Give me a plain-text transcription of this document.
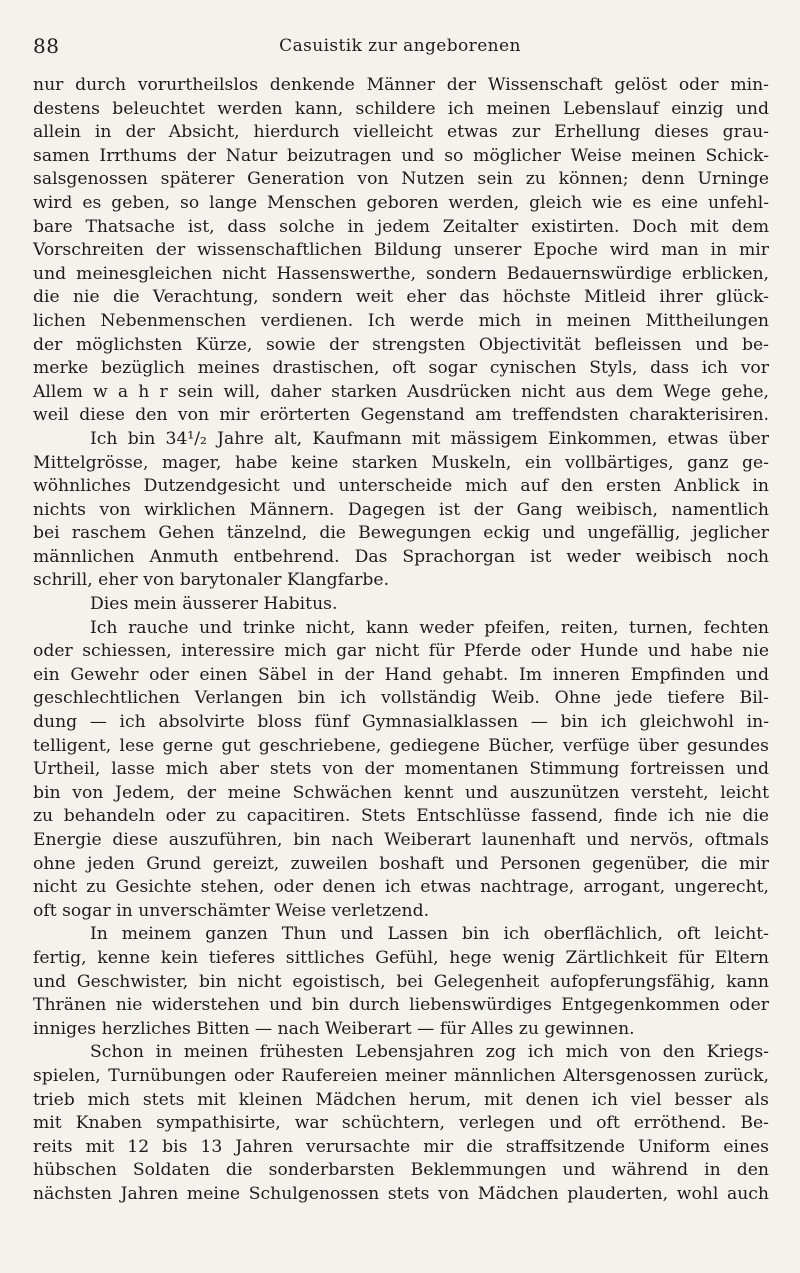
88	Casuistik zur angeborenen
nur durch vorurtheilslos denkende Männer der Wissenschaft gelöst oder min-
destens beleuchtet werden kann, schildere ich meinen Lebenslauf einzig und
allein in der Absicht, hierdurch vielleicht etwas zur Erhellung dieses grau-
samen Irrthums der Natur beizutragen und so möglicher Weise meinen Schick-
salsgenossen späterer Generation von Nutzen sein zu können; denn Urninge
wird es geben, so lange Menschen geboren werden, gleich wie es eine unfehl-
bare Thatsache ist, dass solche in jedem Zeitalter existirten. Doch mit dem
Vorschreiten der wissenschaftlichen Bildung unserer Epoche wird man in mir
und meinesgleichen nicht Hassenswerthe, sondern Bedauernswürdige erblicken,
die nie die Verachtung, sondern weit eher das höchste Mitleid ihrer glück-
lichen Nebenmenschen verdienen. Ich werde mich in meinen Mittheilungen
der möglichsten Kürze, sowie der strengsten Objectivität befleissen und be-
merke bezüglich meines drastischen, oft sogar cynischen Styls, dass ich vor
Allem w a h r sein will, daher starken Ausdrücken nicht aus dem Wege gehe,
weil diese den von mir erörterten Gegenstand am treffendsten charakterisiren.
Ich bin 34¹/₂ Jahre alt, Kaufmann mit mässigem Einkommen, etwas über
Mittelgrösse, mager, habe keine starken Muskeln, ein vollbärtiges, ganz ge-
wöhnliches Dutzendgesicht und unterscheide mich auf den ersten Anblick in
nichts von wirklichen Männern. Dagegen ist der Gang weibisch, namentlich
bei raschem Gehen tänzelnd, die Bewegungen eckig und ungefällig, jeglicher
männlichen Anmuth entbehrend. Das Sprachorgan ist weder weibisch noch
schrill, eher von barytonaler Klangfarbe.
Dies mein äusserer Habitus.
Ich rauche und trinke nicht, kann weder pfeifen, reiten, turnen, fechten
oder schiessen, interessire mich gar nicht für Pferde oder Hunde und habe nie
ein Gewehr oder einen Säbel in der Hand gehabt. Im inneren Empfinden und
geschlechtlichen Verlangen bin ich vollständig Weib. Ohne jede tiefere Bil-
dung — ich absolvirte bloss fünf Gymnasialklassen — bin ich gleichwohl in-
telligent, lese gerne gut geschriebene, gediegene Bücher, verfüge über gesundes
Urtheil, lasse mich aber stets von der momentanen Stimmung fortreissen und
bin von Jedem, der meine Schwächen kennt und auszunützen versteht, leicht
zu behandeln oder zu capacitiren. Stets Entschlüsse fassend, finde ich nie die
Energie diese auszuführen, bin nach Weiberart launenhaft und nervös, oftmals
ohne jeden Grund gereizt, zuweilen boshaft und Personen gegenüber, die mir
nicht zu Gesichte stehen, oder denen ich etwas nachtrage, arrogant, ungerecht,
oft sogar in unverschämter Weise verletzend.
In meinem ganzen Thun und Lassen bin ich oberflächlich, oft leicht-
fertig, kenne kein tieferes sittliches Gefühl, hege wenig Zärtlichkeit für Eltern
und Geschwister, bin nicht egoistisch, bei Gelegenheit aufopferungsfähig, kann
Thränen nie widerstehen und bin durch liebenswürdiges Entgegenkommen oder
inniges herzliches Bitten — nach Weiberart — für Alles zu gewinnen.
Schon in meinen frühesten Lebensjahren zog ich mich von den Kriegs-
spielen, Turnübungen oder Raufereien meiner männlichen Altersgenossen zurück,
trieb mich stets mit kleinen Mädchen herum, mit denen ich viel besser als
mit Knaben sympathisirte, war schüchtern, verlegen und oft erröthend. Be-
reits mit 12 bis 13 Jahren verursachte mir die straffsitzende Uniform eines
hübschen Soldaten die sonderbarsten Beklemmungen und während in den
nächsten Jahren meine Schulgenossen stets von Mädchen plauderten, wohl auch
